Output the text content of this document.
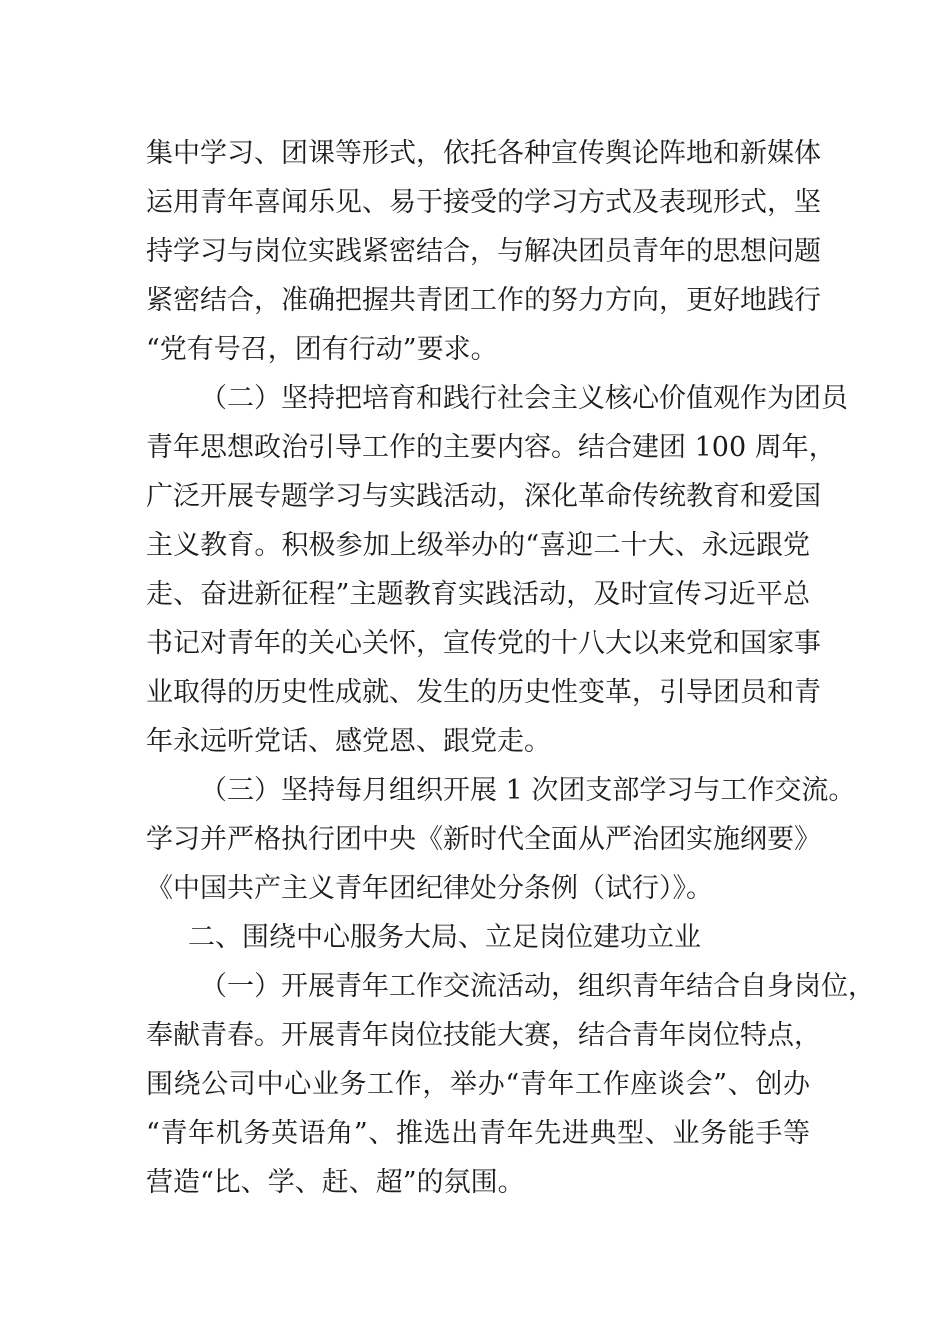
集中学习、团课等形式，依托各种宣传舆论阵地和新媒体
运用青年喜闻乐见、易于接受的学习方式及表现形式，坚
持学习与岗位实践紧密结合，与解决团员青年的思想问题
紧密结合，准确把握共青团工作的努力方向，更好地践行
“党有号召，团有行动”要求。
（二）坚持把培育和践行社会主义核心价值观作为团员
青年思想政治引导工作的主要内容。结合建团 100 周年，
广泛开展专题学习与实践活动，深化革命传统教育和爱国
主义教育。积极参加上级举办的“喜迎二十大、永远跟党
走、奋进新征程”主题教育实践活动，及时宣传习近平总
书记对青年的关心关怀，宣传党的十八大以来党和国家事
业取得的历史性成就、发生的历史性变革，引导团员和青
年永远听党话、感党恩、跟党走。
（三）坚持每月组织开展 1 次团支部学习与工作交流。
学习并严格执行团中央《新时代全面从严治团实施纲要》
《中国共产主义青年团纪律处分条例（试行）》。
二、围绕中心服务大局、立足岗位建功立业
（一）开展青年工作交流活动，组织青年结合自身岗位，
奉献青春。开展青年岗位技能大赛，结合青年岗位特点，
围绕公司中心业务工作，举办“青年工作座谈会”、创办
“青年机务英语角”、推选出青年先进典型、业务能手等
营造“比、学、赶、超”的氛围。
